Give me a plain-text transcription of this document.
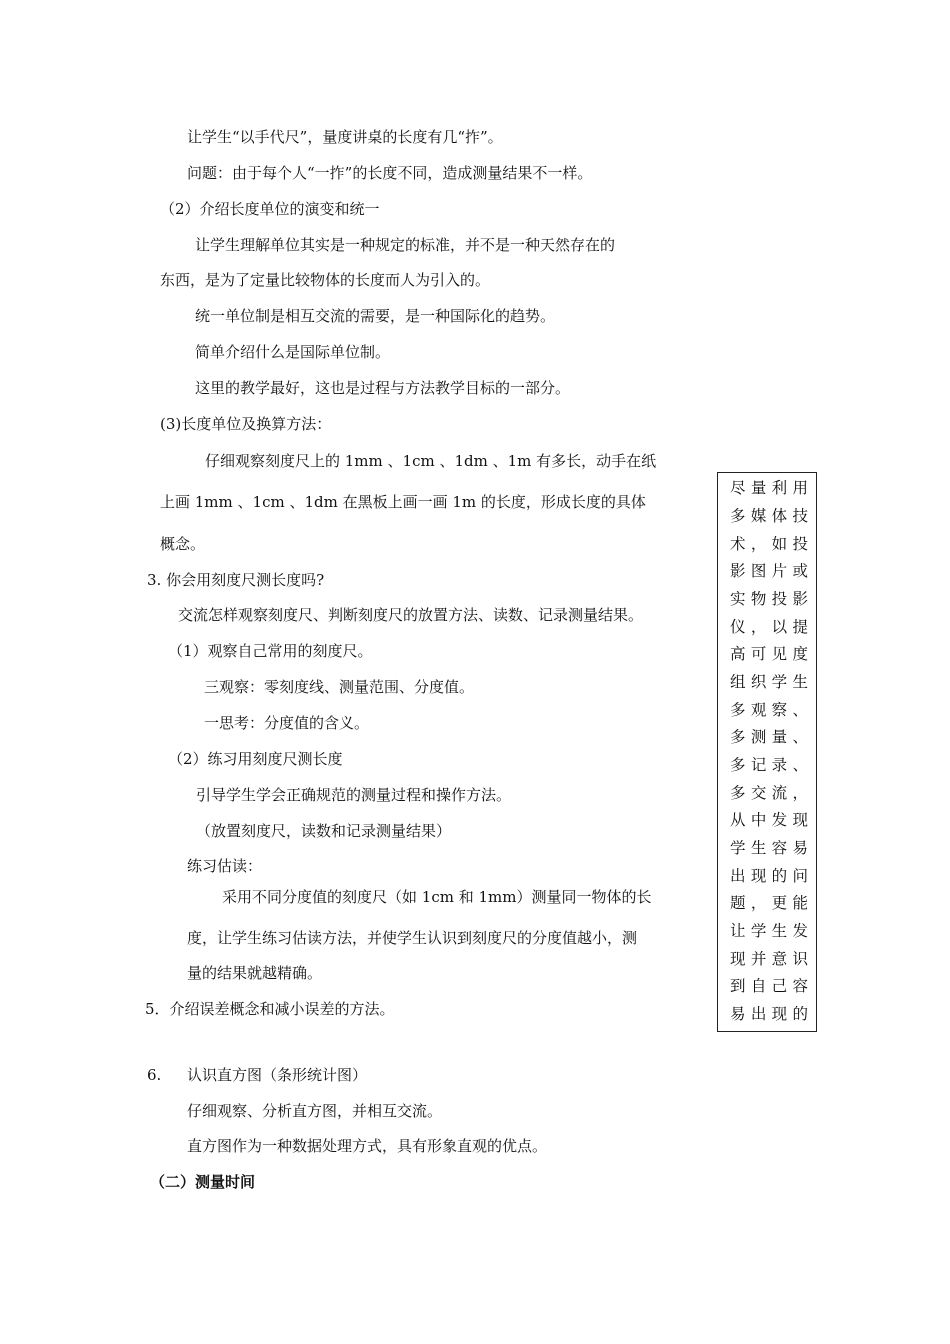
让学生“以手代尺”，量度讲桌的长度有几“拃”。
问题：由于每个人“一拃”的长度不同，造成测量结果不一样。
（2）介绍长度单位的演变和统一
让学生理解单位其实是一种规定的标准，并不是一种天然存在的
东西，是为了定量比较物体的长度而人为引入的。
统一单位制是相互交流的需要，是一种国际化的趋势。
简单介绍什么是国际单位制。
这里的教学最好，这也是过程与方法教学目标的一部分。
(3)长度单位及换算方法：
仔细观察刻度尺上的 1mm 、1cm 、1dm 、1m 有多长，动手在纸
上画 1mm 、1cm 、1dm 在黑板上画一画 1m 的长度，形成长度的具体
概念。
3. 你会用刻度尺测长度吗?
交流怎样观察刻度尺、判断刻度尺的放置方法、读数、记录测量结果。
（1）观察自己常用的刻度尺。
三观察：零刻度线、测量范围、分度值。
一思考：分度值的含义。
（2）练习用刻度尺测长度
引导学生学会正确规范的测量过程和操作方法。
（放置刻度尺，读数和记录测量结果）
练习估读：
采用不同分度值的刻度尺（如 1cm 和 1mm）测量同一物体的长
度，让学生练习估读方法，并使学生认识到刻度尺的分度值越小，测
量的结果就越精确。
5．介绍误差概念和减小误差的方法。
6. 认识直方图（条形统计图）
仔细观察、分析直方图，并相互交流。
直方图作为一种数据处理方式，具有形象直观的优点。
（二）测量时间
尽量利用
多媒体技
术，如投
影图片或
实物投影
仪，以提
高可见度
组织学生
多观察、
多测量、
多记录、
多交流，
从中发现
学生容易
出现的问
题，更能
让学生发
现并意识
到自己容
易出现的
